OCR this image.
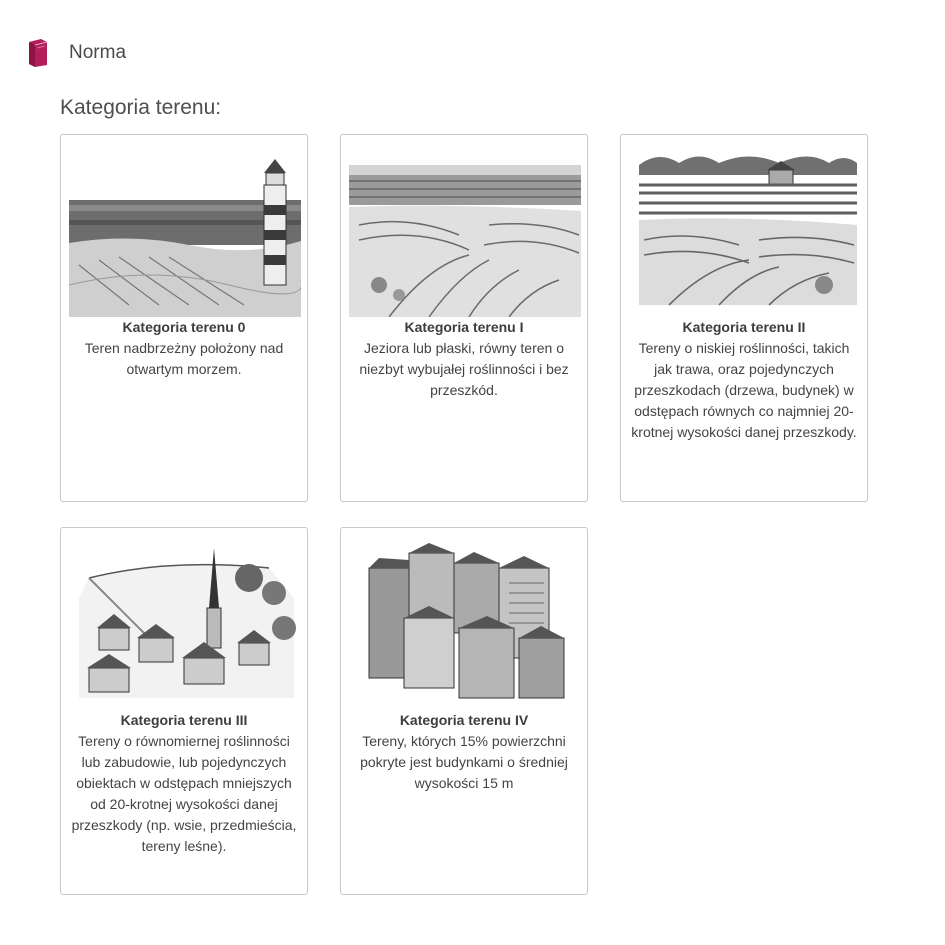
Norma
Kategoria terenu:
Kategoria terenu 0
Teren nadbrzeżny położony nad otwartym morzem.
Kategoria terenu I
Jeziora lub płaski, równy teren o niezbyt wybujałej roślinności i bez przeszkód.
Kategoria terenu II
Tereny o niskiej roślinności, takich jak trawa, oraz pojedynczych przeszkodach (drzewa, budynek) w odstępach równych co najmniej 20-krotnej wysokości danej przeszkody.
Kategoria terenu III
Tereny o równomiernej roślinności lub zabudowie, lub pojedynczych obiektach w odstępach mniejszych od 20-krotnej wysokości danej przeszkody (np. wsie, przedmieścia, tereny leśne).
Kategoria terenu IV
Tereny, których 15% powierzchni pokryte jest budynkami o średniej wysokości 15 m
